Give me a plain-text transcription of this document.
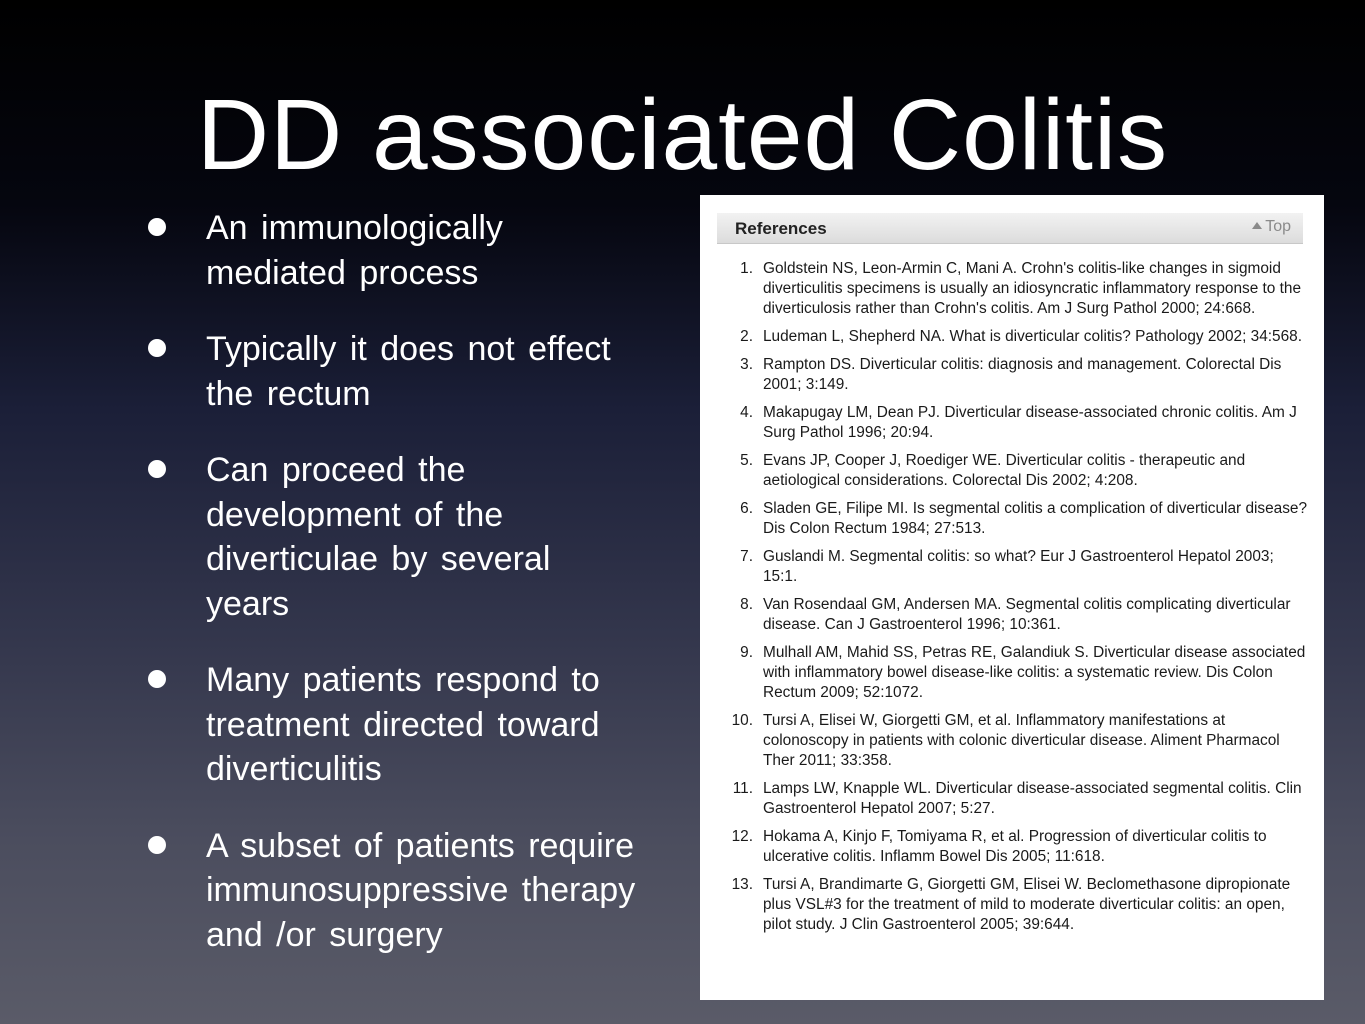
DD associated Colitis
An immunologically mediated process
Typically it does not effect the rectum
Can proceed the development of the diverticulae by several years
Many patients respond to treatment directed toward diverticulitis
A subset of patients require immunosuppressive therapy and /or surgery
References	Top
1. Goldstein NS, Leon-Armin C, Mani A. Crohn's colitis-like changes in sigmoid diverticulitis specimens is usually an idiosyncratic inflammatory response to the diverticulosis rather than Crohn's colitis. Am J Surg Pathol 2000; 24:668.
2. Ludeman L, Shepherd NA. What is diverticular colitis? Pathology 2002; 34:568.
3. Rampton DS. Diverticular colitis: diagnosis and management. Colorectal Dis 2001; 3:149.
4. Makapugay LM, Dean PJ. Diverticular disease-associated chronic colitis. Am J Surg Pathol 1996; 20:94.
5. Evans JP, Cooper J, Roediger WE. Diverticular colitis - therapeutic and aetiological considerations. Colorectal Dis 2002; 4:208.
6. Sladen GE, Filipe MI. Is segmental colitis a complication of diverticular disease? Dis Colon Rectum 1984; 27:513.
7. Guslandi M. Segmental colitis: so what? Eur J Gastroenterol Hepatol 2003; 15:1.
8. Van Rosendaal GM, Andersen MA. Segmental colitis complicating diverticular disease. Can J Gastroenterol 1996; 10:361.
9. Mulhall AM, Mahid SS, Petras RE, Galandiuk S. Diverticular disease associated with inflammatory bowel disease-like colitis: a systematic review. Dis Colon Rectum 2009; 52:1072.
10. Tursi A, Elisei W, Giorgetti GM, et al. Inflammatory manifestations at colonoscopy in patients with colonic diverticular disease. Aliment Pharmacol Ther 2011; 33:358.
11. Lamps LW, Knapple WL. Diverticular disease-associated segmental colitis. Clin Gastroenterol Hepatol 2007; 5:27.
12. Hokama A, Kinjo F, Tomiyama R, et al. Progression of diverticular colitis to ulcerative colitis. Inflamm Bowel Dis 2005; 11:618.
13. Tursi A, Brandimarte G, Giorgetti GM, Elisei W. Beclomethasone dipropionate plus VSL#3 for the treatment of mild to moderate diverticular colitis: an open, pilot study. J Clin Gastroenterol 2005; 39:644.
